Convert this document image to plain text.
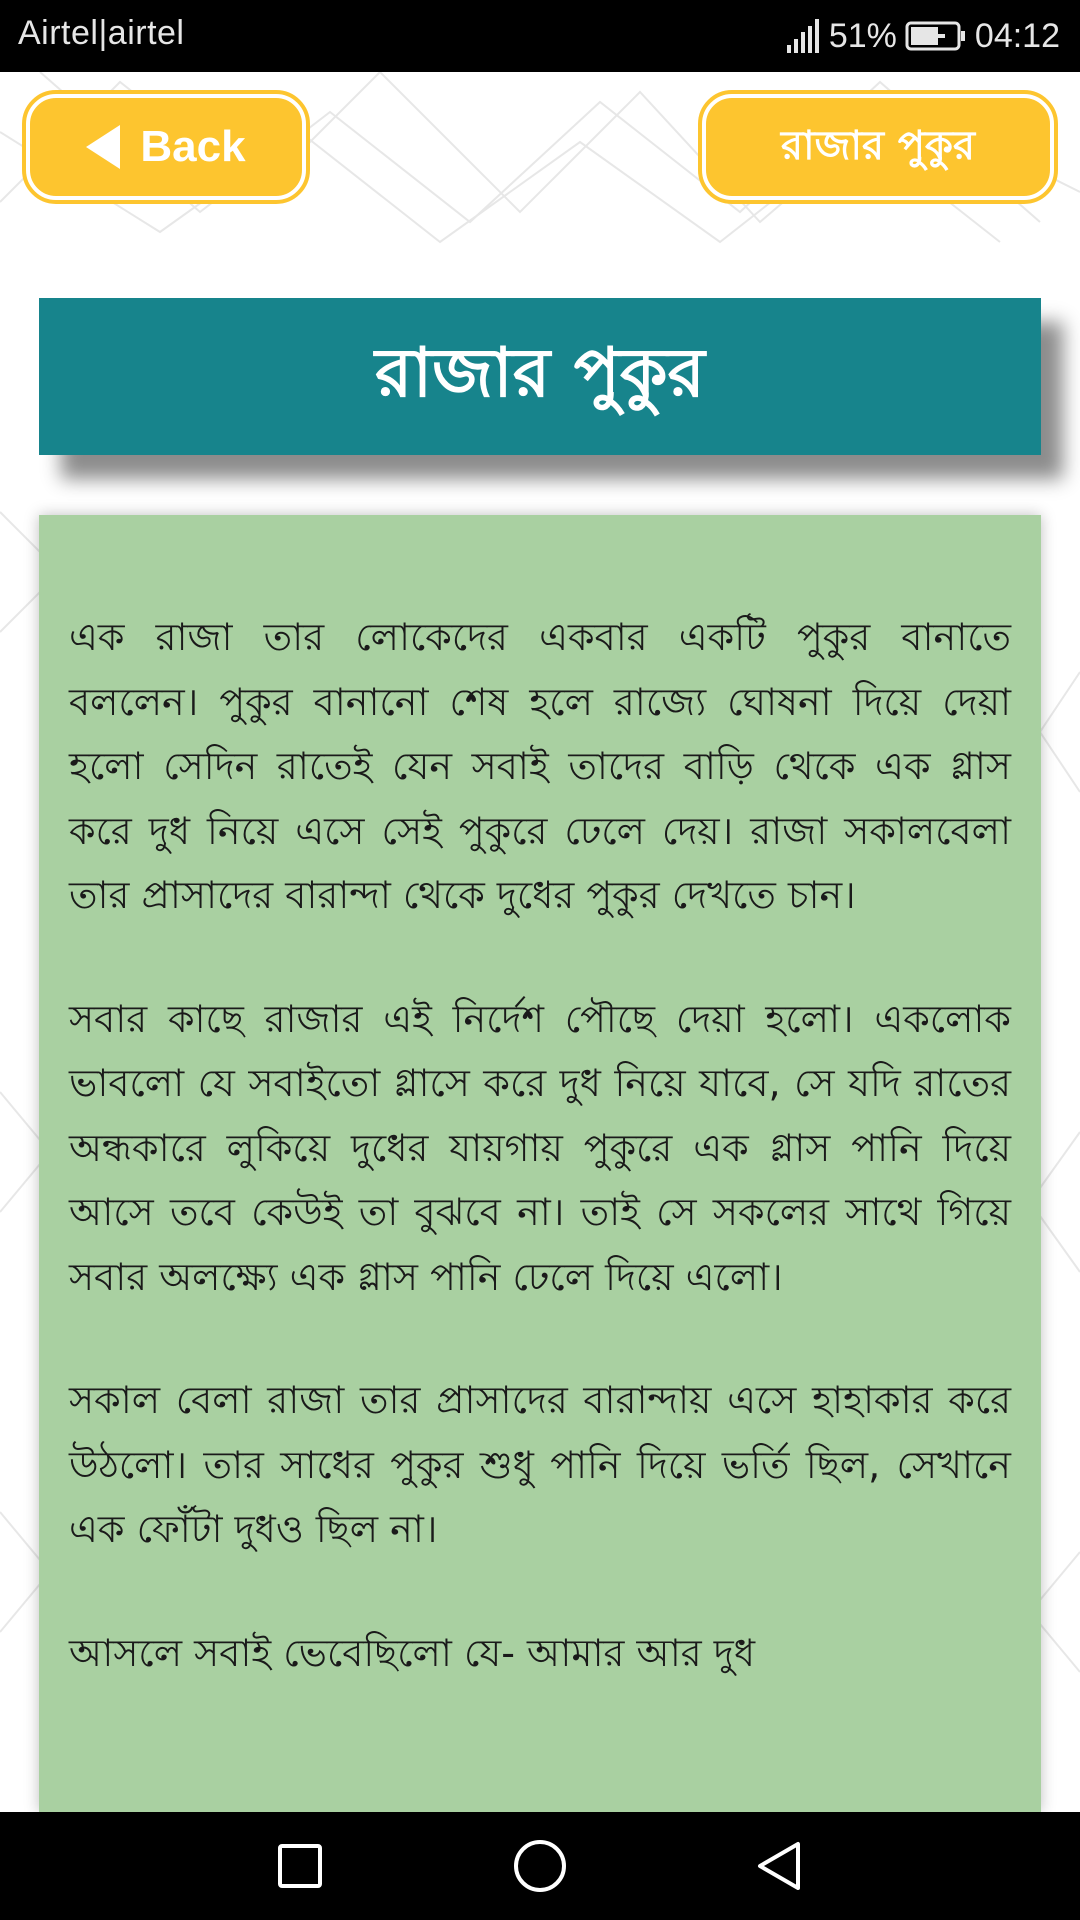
Airtel|airtel	51% 04:12
Back	রাজার পুকুর
রাজার পুকুর

এক রাজা তার লোকেদের একবার একটি পুকুর বানাতে বললেন। পুকুর বানানো শেষ হলে রাজ্যে ঘোষনা দিয়ে দেয়া হলো সেদিন রাতেই যেন সবাই তাদের বাড়ি থেকে এক গ্লাস করে দুধ নিয়ে এসে সেই পুকুরে ঢেলে দেয়। রাজা সকালবেলা তার প্রাসাদের বারান্দা থেকে দুধের পুকুর দেখতে চান।

সবার কাছে রাজার এই নির্দেশ পৌছে দেয়া হলো। একলোক ভাবলো যে সবাইতো গ্লাসে করে দুধ নিয়ে যাবে, সে যদি রাতের অন্ধকারে লুকিয়ে দুধের যায়গায় পুকুরে এক গ্লাস পানি দিয়ে আসে তবে কেউই তা বুঝবে না। তাই সে সকলের সাথে গিয়ে সবার অলক্ষ্যে এক গ্লাস পানি ঢেলে দিয়ে এলো।

সকাল বেলা রাজা তার প্রাসাদের বারান্দায় এসে হাহাকার করে উঠলো। তার সাধের পুকুর শুধু পানি দিয়ে ভর্তি ছিল, সেখানে এক ফোঁটা দুধও ছিল না।

আসলে সবাই ভেবেছিলো যে- আমার আর দুধ
